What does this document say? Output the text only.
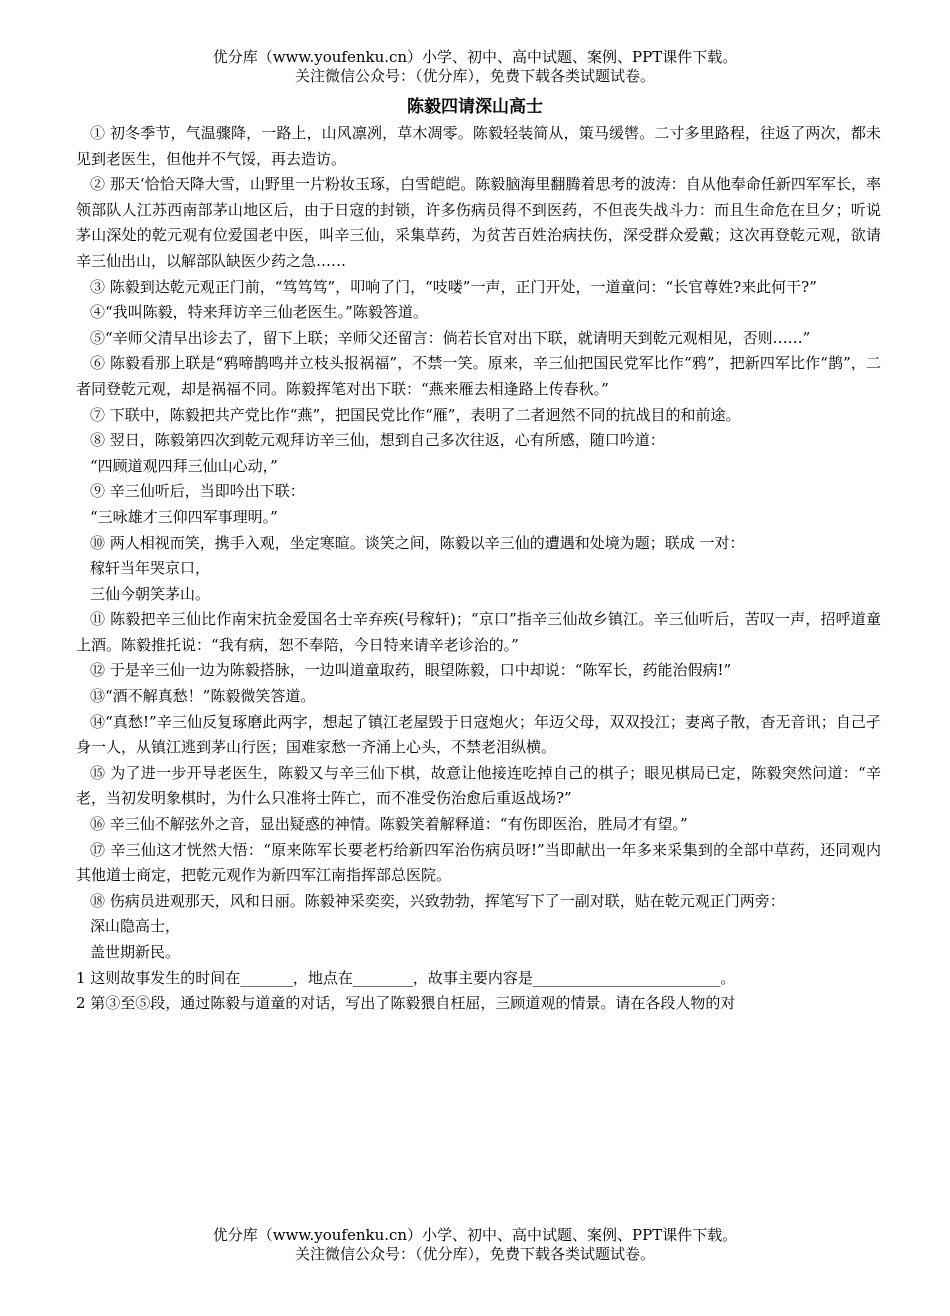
优分库（www.youfenku.cn）小学、初中、高中试题、案例、PPT课件下载。
关注微信公众号：（优分库），免费下载各类试题试卷。
陈毅四请深山高士

① 初冬季节，气温骤降，一路上，山风凛冽，草木凋零。陈毅轻装简从，策马缓辔。二寸多里路程，往返了两次，都未见到老医生，但他并不气馁，再去造访。

② 那天‘恰恰天降大雪，山野里一片粉妆玉琢，白雪皑皑。陈毅脑海里翻腾着思考的波涛：自从他奉命任新四军军长，率领部队人江苏西南部茅山地区后，由于日寇的封锁，许多伤病员得不到医药，不但丧失战斗力：而且生命危在旦夕；听说茅山深处的乾元观有位爱国老中医，叫辛三仙，采集草药，为贫苦百姓治病扶伤，深受群众爱戴；这次再登乾元观，欲请辛三仙出山，以解部队缺医少药之急……

③ 陈毅到达乾元观正门前，“笃笃笃”，叩响了门，“吱喽”一声，正门开处，一道童问：“长官尊姓?来此何干?”

④“我叫陈毅，特来拜访辛三仙老医生。”陈毅答道。

⑤“辛师父清早出诊去了，留下上联；辛师父还留言：倘若长官对出下联，就请明天到乾元观相见，否则……”

⑥ 陈毅看那上联是“鸦啼鹊鸣并立枝头报祸福”，不禁一笑。原来，辛三仙把国民党军比作“鸦”，把新四军比作“鹊”，二者同登乾元观，却是祸福不同。陈毅挥笔对出下联：“燕来雁去相逢路上传春秋。”

⑦ 下联中，陈毅把共产党比作“燕”，把国民党比作“雁”，表明了二者迥然不同的抗战目的和前途。

⑧ 翌日，陈毅第四次到乾元观拜访辛三仙，想到自己多次往返，心有所感，随口吟道：

“四顾道观四拜三仙山心动，”

⑨ 辛三仙听后，当即吟出下联：

“三咏雄才三仰四军事理明。”

⑩ 两人相视而笑，携手入观，坐定寒暄。谈笑之间，陈毅以辛三仙的遭遇和处境为题；联成 一对：

稼轩当年哭京口，

三仙今朝笑茅山。

⑪ 陈毅把辛三仙比作南宋抗金爱国名士辛弃疾(号稼轩)；“京口”指辛三仙故乡镇江。辛三仙听后，苦叹一声，招呼道童上酒。陈毅推托说：“我有病，恕不奉陪，今日特来请辛老诊治的。”

⑫ 于是辛三仙一边为陈毅搭脉，一边叫道童取药，眼望陈毅，口中却说：“陈军长，药能治假病!”

⑬“酒不解真愁！”陈毅微笑答道。

⑭“真愁!”辛三仙反复琢磨此两字，想起了镇江老屋毁于日寇炮火；年迈父母，双双投江；妻离子散，杳无音讯；自己孑身一人，从镇江逃到茅山行医；国难家愁一齐涌上心头，不禁老泪纵横。

⑮ 为了进一步开导老医生，陈毅又与辛三仙下棋，故意让他接连吃掉自己的棋子；眼见棋局已定，陈毅突然问道：“辛老，当初发明象棋时，为什么只准将士阵亡，而不准受伤治愈后重返战场?”

⑯ 辛三仙不解弦外之音，显出疑惑的神情。陈毅笑着解释道：“有伤即医治，胜局才有望。”

⑰ 辛三仙这才恍然大悟：“原来陈军长要老朽给新四军治伤病员呀!”当即献出一年多来采集到的全部中草药，还同观内其他道士商定，把乾元观作为新四军江南指挥部总医院。

⑱ 伤病员进观那天，风和日丽。陈毅神采奕奕，兴致勃勃，挥笔写下了一副对联，贴在乾元观正门两旁：

深山隐高士，

盖世期新民。

1 这则故事发生的时间在_______，地点在________，故事主要内容是_________________________。

2 第③至⑤段，通过陈毅与道童的对话，写出了陈毅猥自枉屈，三顾道观的情景。请在各段人物的对

优分库（www.youfenku.cn）小学、初中、高中试题、案例、PPT课件下载。
关注微信公众号：（优分库），免费下载各类试题试卷。
